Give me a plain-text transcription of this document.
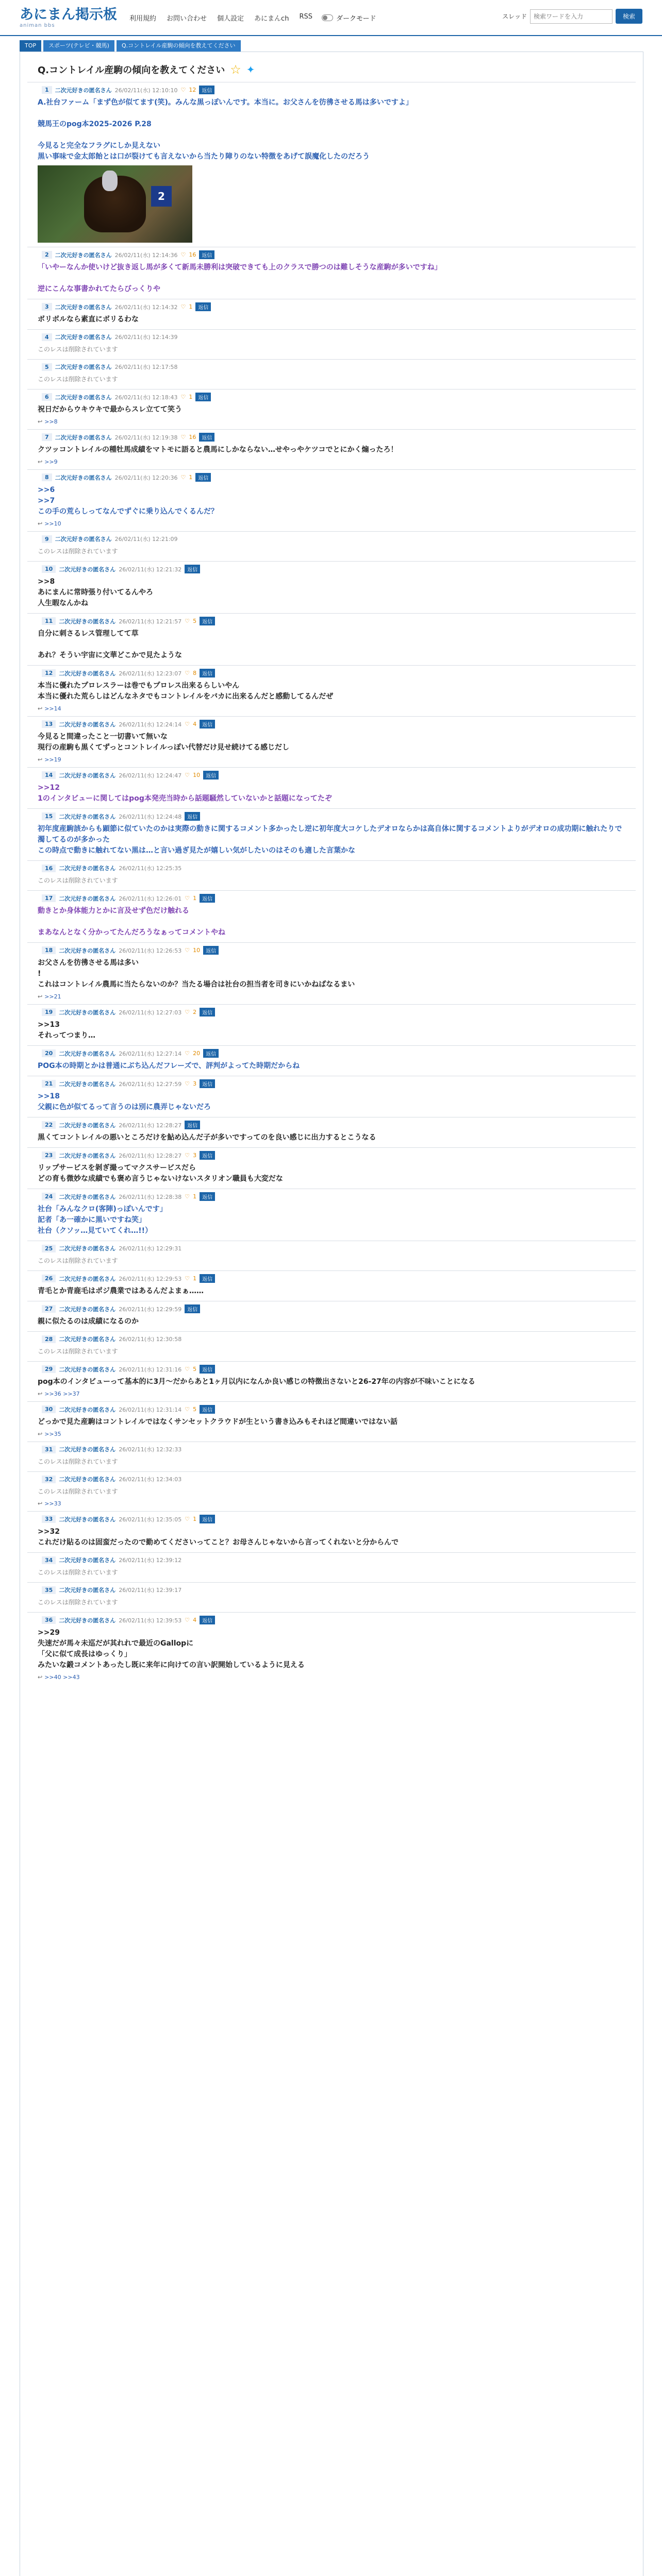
あにまん掲示板
animan bbs
利用規約 お問い合わせ 個人設定 あにまんch RSS	ダークモード	スレッド
検索ワードを入力	検索
TOP	スポーツ(テレビ・競馬)	Q.コントレイル産駒の傾向を教えてください
Q.コントレイル産駒の傾向を教えてください ☆ ✦
1	二次元好きの匿名さん 26/02/11(水) 12:10:10 ♡ 12	返信
A.社台ファーム「まず色が似てます(笑)。みんな黒っぽいんです。本当に。お父さんを彷彿させる馬は多いですよ」
競馬王のpog本2025-2026 P.28
今見ると完全なフラグにしか見えない
黒い事味で金太郎飴とは口が裂けても言えないから当たり障りのない特徴をあげて誤魔化したのだろう
2
2	二次元好きの匿名さん 26/02/11(水) 12:14:36 ♡ 16	返信
「いやーなんか使いけど抜き返し馬が多くて新馬未勝利は突破できても上のクラスで勝つのは難しそうな産駒が多いですね」
逆にこんな事書かれてたらびっくりや
3	二次元好きの匿名さん 26/02/11(水) 12:14:32 ♡ 1	返信
ボリボルなら素直にボリるわな
4	二次元好きの匿名さん 26/02/11(水) 12:14:39
このレスは削除されています
5	二次元好きの匿名さん 26/02/11(水) 12:17:58
このレスは削除されています
6	二次元好きの匿名さん 26/02/11(水) 12:18:43 ♡ 1	返信
祝日だからウキウキで最からスレ立てて笑う
↩ >>8
7	二次元好きの匿名さん 26/02/11(水) 12:19:38 ♡ 16	返信
クツッコントレイルの種牡馬成績をマトモに語ると農馬にしかならない…せやっやケツコでとにかく煽ったろ！
↩ >>9
8	二次元好きの匿名さん 26/02/11(水) 12:20:36 ♡ 1	返信
>>6
>>7
この手の荒らしってなんでずぐに乗り込んでくるんだ？
↩ >>10
9	二次元好きの匿名さん 26/02/11(水) 12:21:09
このレスは削除されています
10	二次元好きの匿名さん 26/02/11(水) 12:21:32	返信
>>8
あにまんに常時張り付いてるんやろ
人生暇なんかね
11	二次元好きの匿名さん 26/02/11(水) 12:21:57 ♡ 5	返信
自分に刺さるレス管理してて草
あれ？そうい宇宙に文華どこかで見たような
12	二次元好きの匿名さん 26/02/11(水) 12:23:07 ♡ 8	返信
本当に優れたプロレスラーは巻でもプロレス出来るらしいやん
本当に優れた荒らしはどんなネタでもコントレイルをバカに出来るんだと感動してるんだぜ
↩ >>14
13	二次元好きの匿名さん 26/02/11(水) 12:24:14 ♡ 4	返信
今見ると間違ったこと一切書いて無いな
現行の産駒も黒くてずっとコントレイルっぽい代替だけ見せ続けてる感じだし
↩ >>19
14	二次元好きの匿名さん 26/02/11(水) 12:24:47 ♡ 10	返信
>>12
1のインタビューに関してはpog本発売当時から話題騒然していないかと話題になってたぞ
15	二次元好きの匿名さん 26/02/11(水) 12:24:48	返信
初年度産駒該からも顕節に似ていたのかは実際の動きに関するコメント多かったし逆に初年度大コケしたデオロならかは高自体に関するコメントよりがデオロの成功期に触れたりで濁してるのが多かった
この時点で動きに触れてない黒は…と言い過ぎ見たが嬉しい気がしたいのはそのも適した言葉かな
16	二次元好きの匿名さん 26/02/11(水) 12:25:35
このレスは削除されています
17	二次元好きの匿名さん 26/02/11(水) 12:26:01 ♡ 1	返信
動きとか身体能力とかに言及せず色だけ触れる
まあなんとなく分かってたんだろうなぁってコメントやね
18	二次元好きの匿名さん 26/02/11(水) 12:26:53 ♡ 10	返信
お父さんを彷彿させる馬は多い
!
これはコントレイル農馬に当たらないのか？当たる場合は社台の担当者を司きにいかねばなるまい
↩ >>21
19	二次元好きの匿名さん 26/02/11(水) 12:27:03 ♡ 2	返信
>>13
それってつまり…
20	二次元好きの匿名さん 26/02/11(水) 12:27:14 ♡ 20	返信
POG本の時期とかは普通にぶち込んだフレーズで、評判がよってた時期だからね
21	二次元好きの匿名さん 26/02/11(水) 12:27:59 ♡ 3	返信
>>18
父親に色が似てるって言うのは別に農弄じゃないだろ
22	二次元好きの匿名さん 26/02/11(水) 12:28:27	返信
黒くてコントレイルの悪いところだけを鮎め込んだ子が多いですってのを良い感じに出力するとこうなる
23	二次元好きの匿名さん 26/02/11(水) 12:28:27 ♡ 3	返信
リップサービスを剝ぎ撮ってマクスサービスだら
どの育も微妙な成績でも褒め言うじゃないけないスタリオン職員も大変だな
24	二次元好きの匿名さん 26/02/11(水) 12:28:38 ♡ 1	返信
社台「みんなクロ(客陣)っぽいんです」
記者「あ一確かに黒いですね笑」
社台（クソッ…見ていてくれ…!!）
25	二次元好きの匿名さん 26/02/11(水) 12:29:31
このレスは削除されています
26	二次元好きの匿名さん 26/02/11(水) 12:29:53 ♡ 1	返信
青毛とか青鹿毛はポジ農業ではあるんだよまぁ……
27	二次元好きの匿名さん 26/02/11(水) 12:29:59	返信
親に似たるのは成績になるのか
28	二次元好きの匿名さん 26/02/11(水) 12:30:58
このレスは削除されています
29	二次元好きの匿名さん 26/02/11(水) 12:31:16 ♡ 5	返信
pog本のインタビューって基本的に3月〜だからあと1ヶ月以内になんか良い感じの特徴出さないと26-27年の内容が不味いことになる
↩ >>36 >>37
30	二次元好きの匿名さん 26/02/11(水) 12:31:14 ♡ 5	返信
どっかで見た産駒はコントレイルではなくサンセットクラウドが生という書き込みもそれほど間違いではない話
↩ >>35
31	二次元好きの匿名さん 26/02/11(水) 12:32:33
このレスは削除されています
32	二次元好きの匿名さん 26/02/11(水) 12:34:03
このレスは削除されています
↩ >>33
33	二次元好きの匿名さん 26/02/11(水) 12:35:05 ♡ 1	返信
>>32
これだけ貼るのは固蛮だったので勤めてくださいってこと？お母さんじゃないから言ってくれないと分からんで
34	二次元好きの匿名さん 26/02/11(水) 12:39:12
このレスは削除されています
35	二次元好きの匿名さん 26/02/11(水) 12:39:17
このレスは削除されています
36	二次元好きの匿名さん 26/02/11(水) 12:39:53 ♡ 4	返信
>>29
失速だが馬々未巡だが其れれで最近のGallopに
「父に似て成長はゆっくり」
みたいな鍛コメントあったし既に来年に向けての言い訳開始しているように見える
↩ >>40 >>43
